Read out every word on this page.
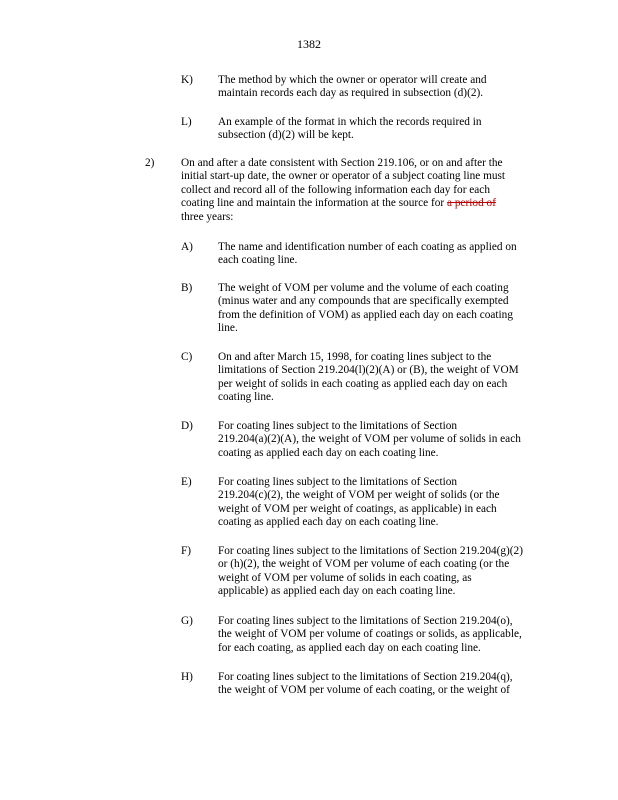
1382
K) The method by which the owner or operator will create and
maintain records each day as required in subsection (d)(2).
L) An example of the format in which the records required in
subsection (d)(2) will be kept.
2) On and after a date consistent with Section 219.106, or on and after the
initial start-up date, the owner or operator of a subject coating line must
collect and record all of the following information each day for each
coating line and maintain the information at the source for a period of
three years:
A) The name and identification number of each coating as applied on
each coating line.
B) The weight of VOM per volume and the volume of each coating
(minus water and any compounds that are specifically exempted
from the definition of VOM) as applied each day on each coating
line.
C) On and after March 15, 1998, for coating lines subject to the
limitations of Section 219.204(l)(2)(A) or (B), the weight of VOM
per weight of solids in each coating as applied each day on each
coating line.
D) For coating lines subject to the limitations of Section
219.204(a)(2)(A), the weight of VOM per volume of solids in each
coating as applied each day on each coating line.
E) For coating lines subject to the limitations of Section
219.204(c)(2), the weight of VOM per weight of solids (or the
weight of VOM per weight of coatings, as applicable) in each
coating as applied each day on each coating line.
F) For coating lines subject to the limitations of Section 219.204(g)(2)
or (h)(2), the weight of VOM per volume of each coating (or the
weight of VOM per volume of solids in each coating, as
applicable) as applied each day on each coating line.
G) For coating lines subject to the limitations of Section 219.204(o),
the weight of VOM per volume of coatings or solids, as applicable,
for each coating, as applied each day on each coating line.
H) For coating lines subject to the limitations of Section 219.204(q),
the weight of VOM per volume of each coating, or the weight of
